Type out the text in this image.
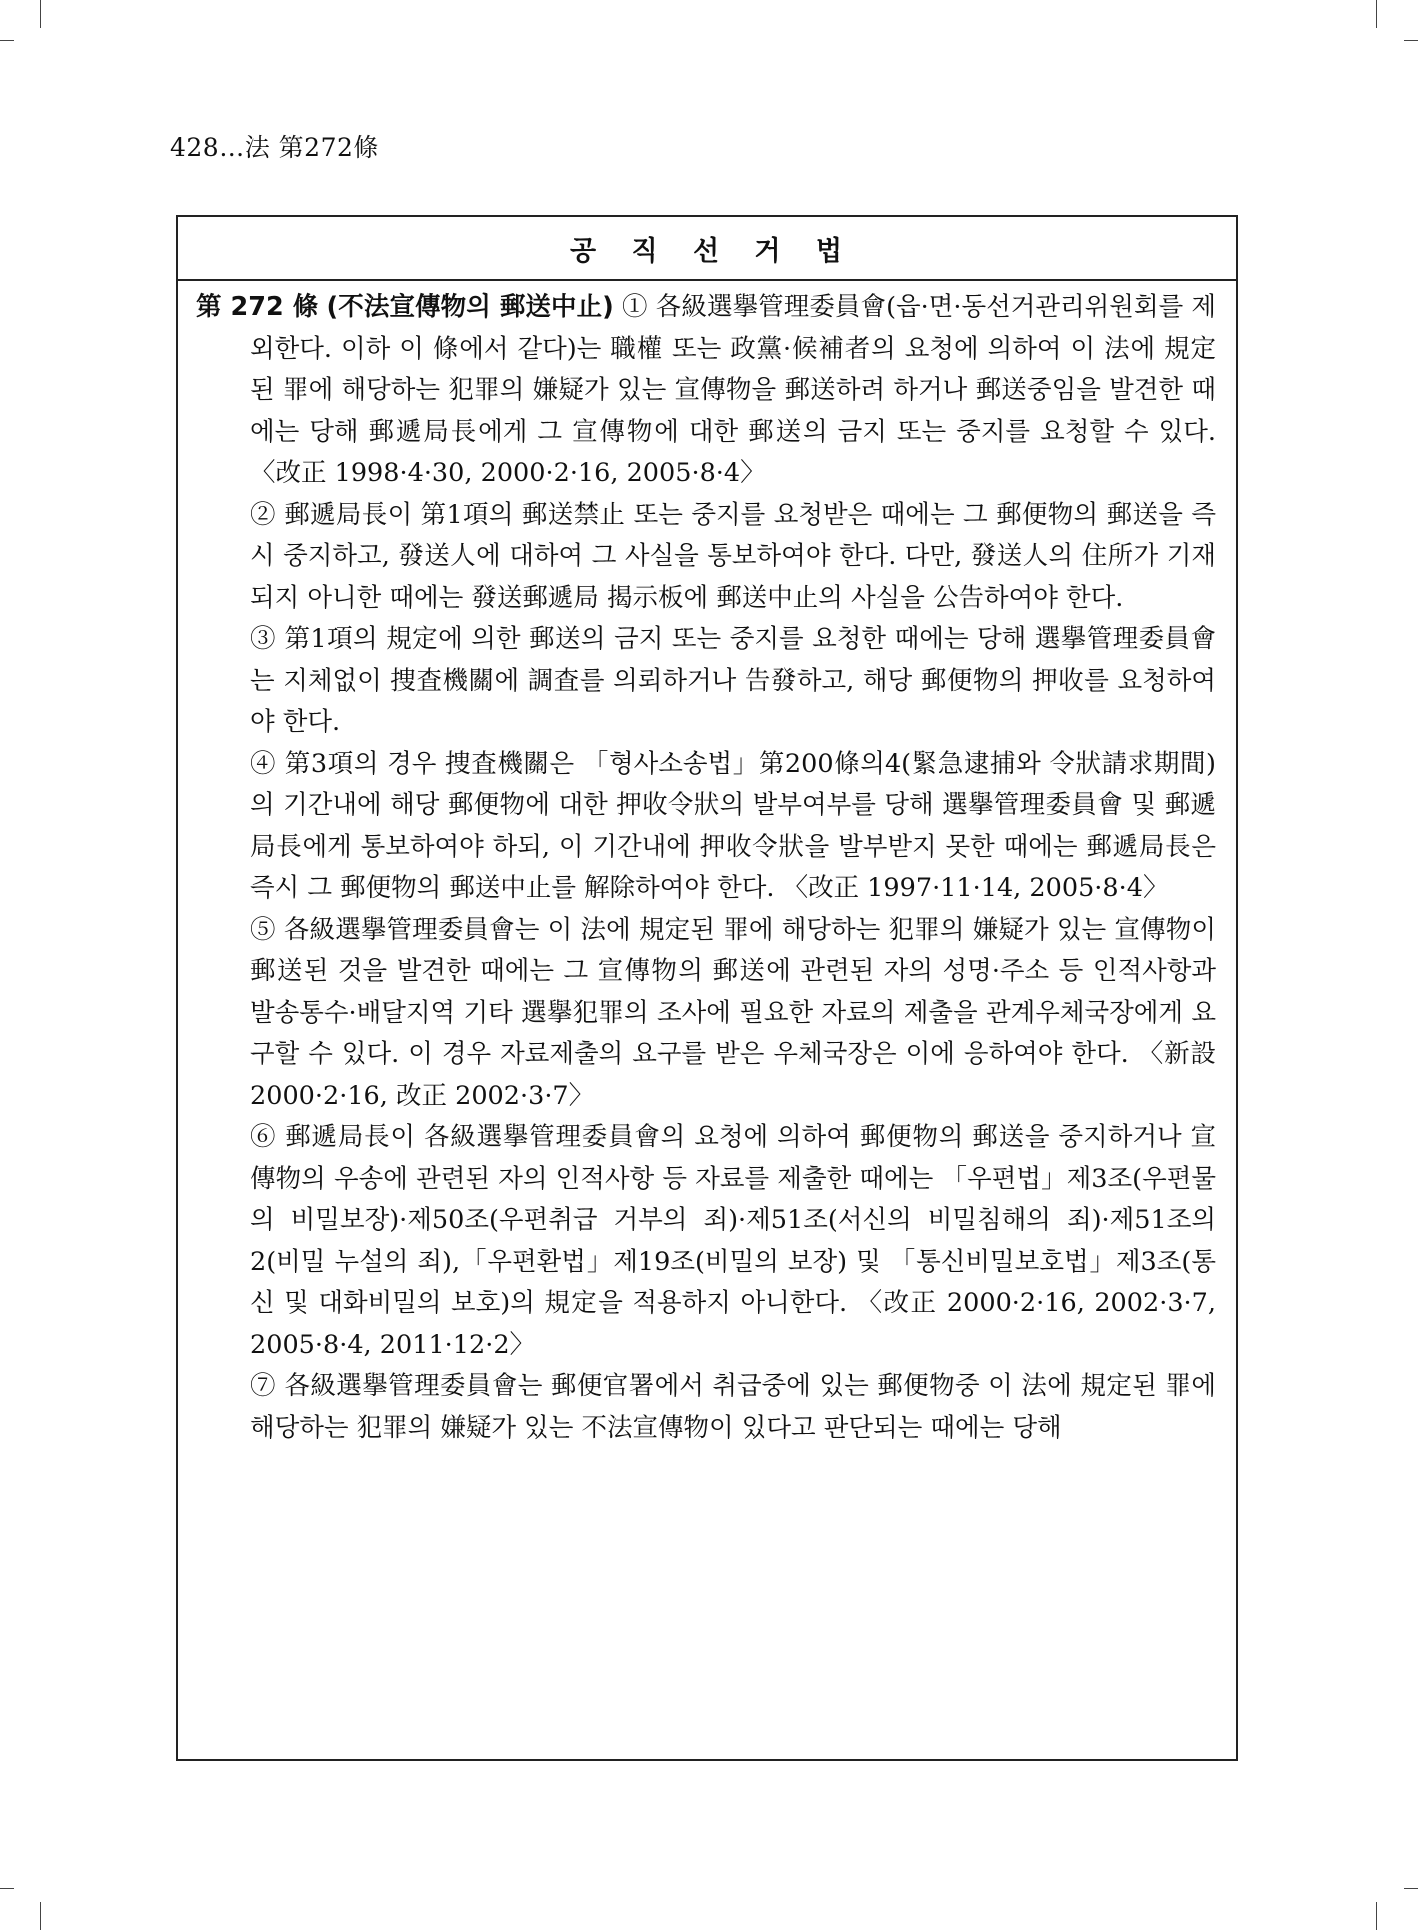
428…法 第272條
공 직 선 거 법

第 272 條 (不法宣傳物의 郵送中止) ① 各級選擧管理委員會(읍·면·동선거관리위원회를 제외한다. 이하 이 條에서 같다)는 職權 또는 政黨·候補者의 요청에 의하여 이 法에 規定된 罪에 해당하는 犯罪의 嫌疑가 있는 宣傳物을 郵送하려 하거나 郵送중임을 발견한 때에는 당해 郵遞局長에게 그 宣傳物에 대한 郵送의 금지 또는 중지를 요청할 수 있다. 〈改正 1998·4·30, 2000·2·16, 2005·8·4〉

② 郵遞局長이 第1項의 郵送禁止 또는 중지를 요청받은 때에는 그 郵便物의 郵送을 즉시 중지하고, 發送人에 대하여 그 사실을 통보하여야 한다. 다만, 發送人의 住所가 기재되지 아니한 때에는 發送郵遞局 揭示板에 郵送中止의 사실을 公告하여야 한다.

③ 第1項의 規定에 의한 郵送의 금지 또는 중지를 요청한 때에는 당해 選擧管理委員會는 지체없이 捜査機關에 調査를 의뢰하거나 告發하고, 해당 郵便物의 押收를 요청하여야 한다.

④ 第3項의 경우 捜査機關은 「형사소송법」第200條의4(緊急逮捕와 令狀請求期間)의 기간내에 해당 郵便物에 대한 押收令狀의 발부여부를 당해 選擧管理委員會 및 郵遞局長에게 통보하여야 하되, 이 기간내에 押收令狀을 발부받지 못한 때에는 郵遞局長은 즉시 그 郵便物의 郵送中止를 解除하여야 한다. 〈改正 1997·11·14, 2005·8·4〉

⑤ 各級選擧管理委員會는 이 法에 規定된 罪에 해당하는 犯罪의 嫌疑가 있는 宣傳物이 郵送된 것을 발견한 때에는 그 宣傳物의 郵送에 관련된 자의 성명·주소 등 인적사항과 발송통수·배달지역 기타 選擧犯罪의 조사에 필요한 자료의 제출을 관계우체국장에게 요구할 수 있다. 이 경우 자료제출의 요구를 받은 우체국장은 이에 응하여야 한다. 〈新設 2000·2·16, 改正 2002·3·7〉

⑥ 郵遞局長이 各級選擧管理委員會의 요청에 의하여 郵便物의 郵送을 중지하거나 宣傳物의 우송에 관련된 자의 인적사항 등 자료를 제출한 때에는 「우편법」제3조(우편물의 비밀보장)·제50조(우편취급 거부의 죄)·제51조(서신의 비밀침해의 죄)·제51조의2(비밀 누설의 죄),「우편환법」제19조(비밀의 보장) 및 「통신비밀보호법」제3조(통신 및 대화비밀의 보호)의 規定을 적용하지 아니한다. 〈改正 2000·2·16, 2002·3·7, 2005·8·4, 2011·12·2〉

⑦ 各級選擧管理委員會는 郵便官署에서 취급중에 있는 郵便物중 이 法에 規定된 罪에 해당하는 犯罪의 嫌疑가 있는 不法宣傳物이 있다고 판단되는 때에는 당해
